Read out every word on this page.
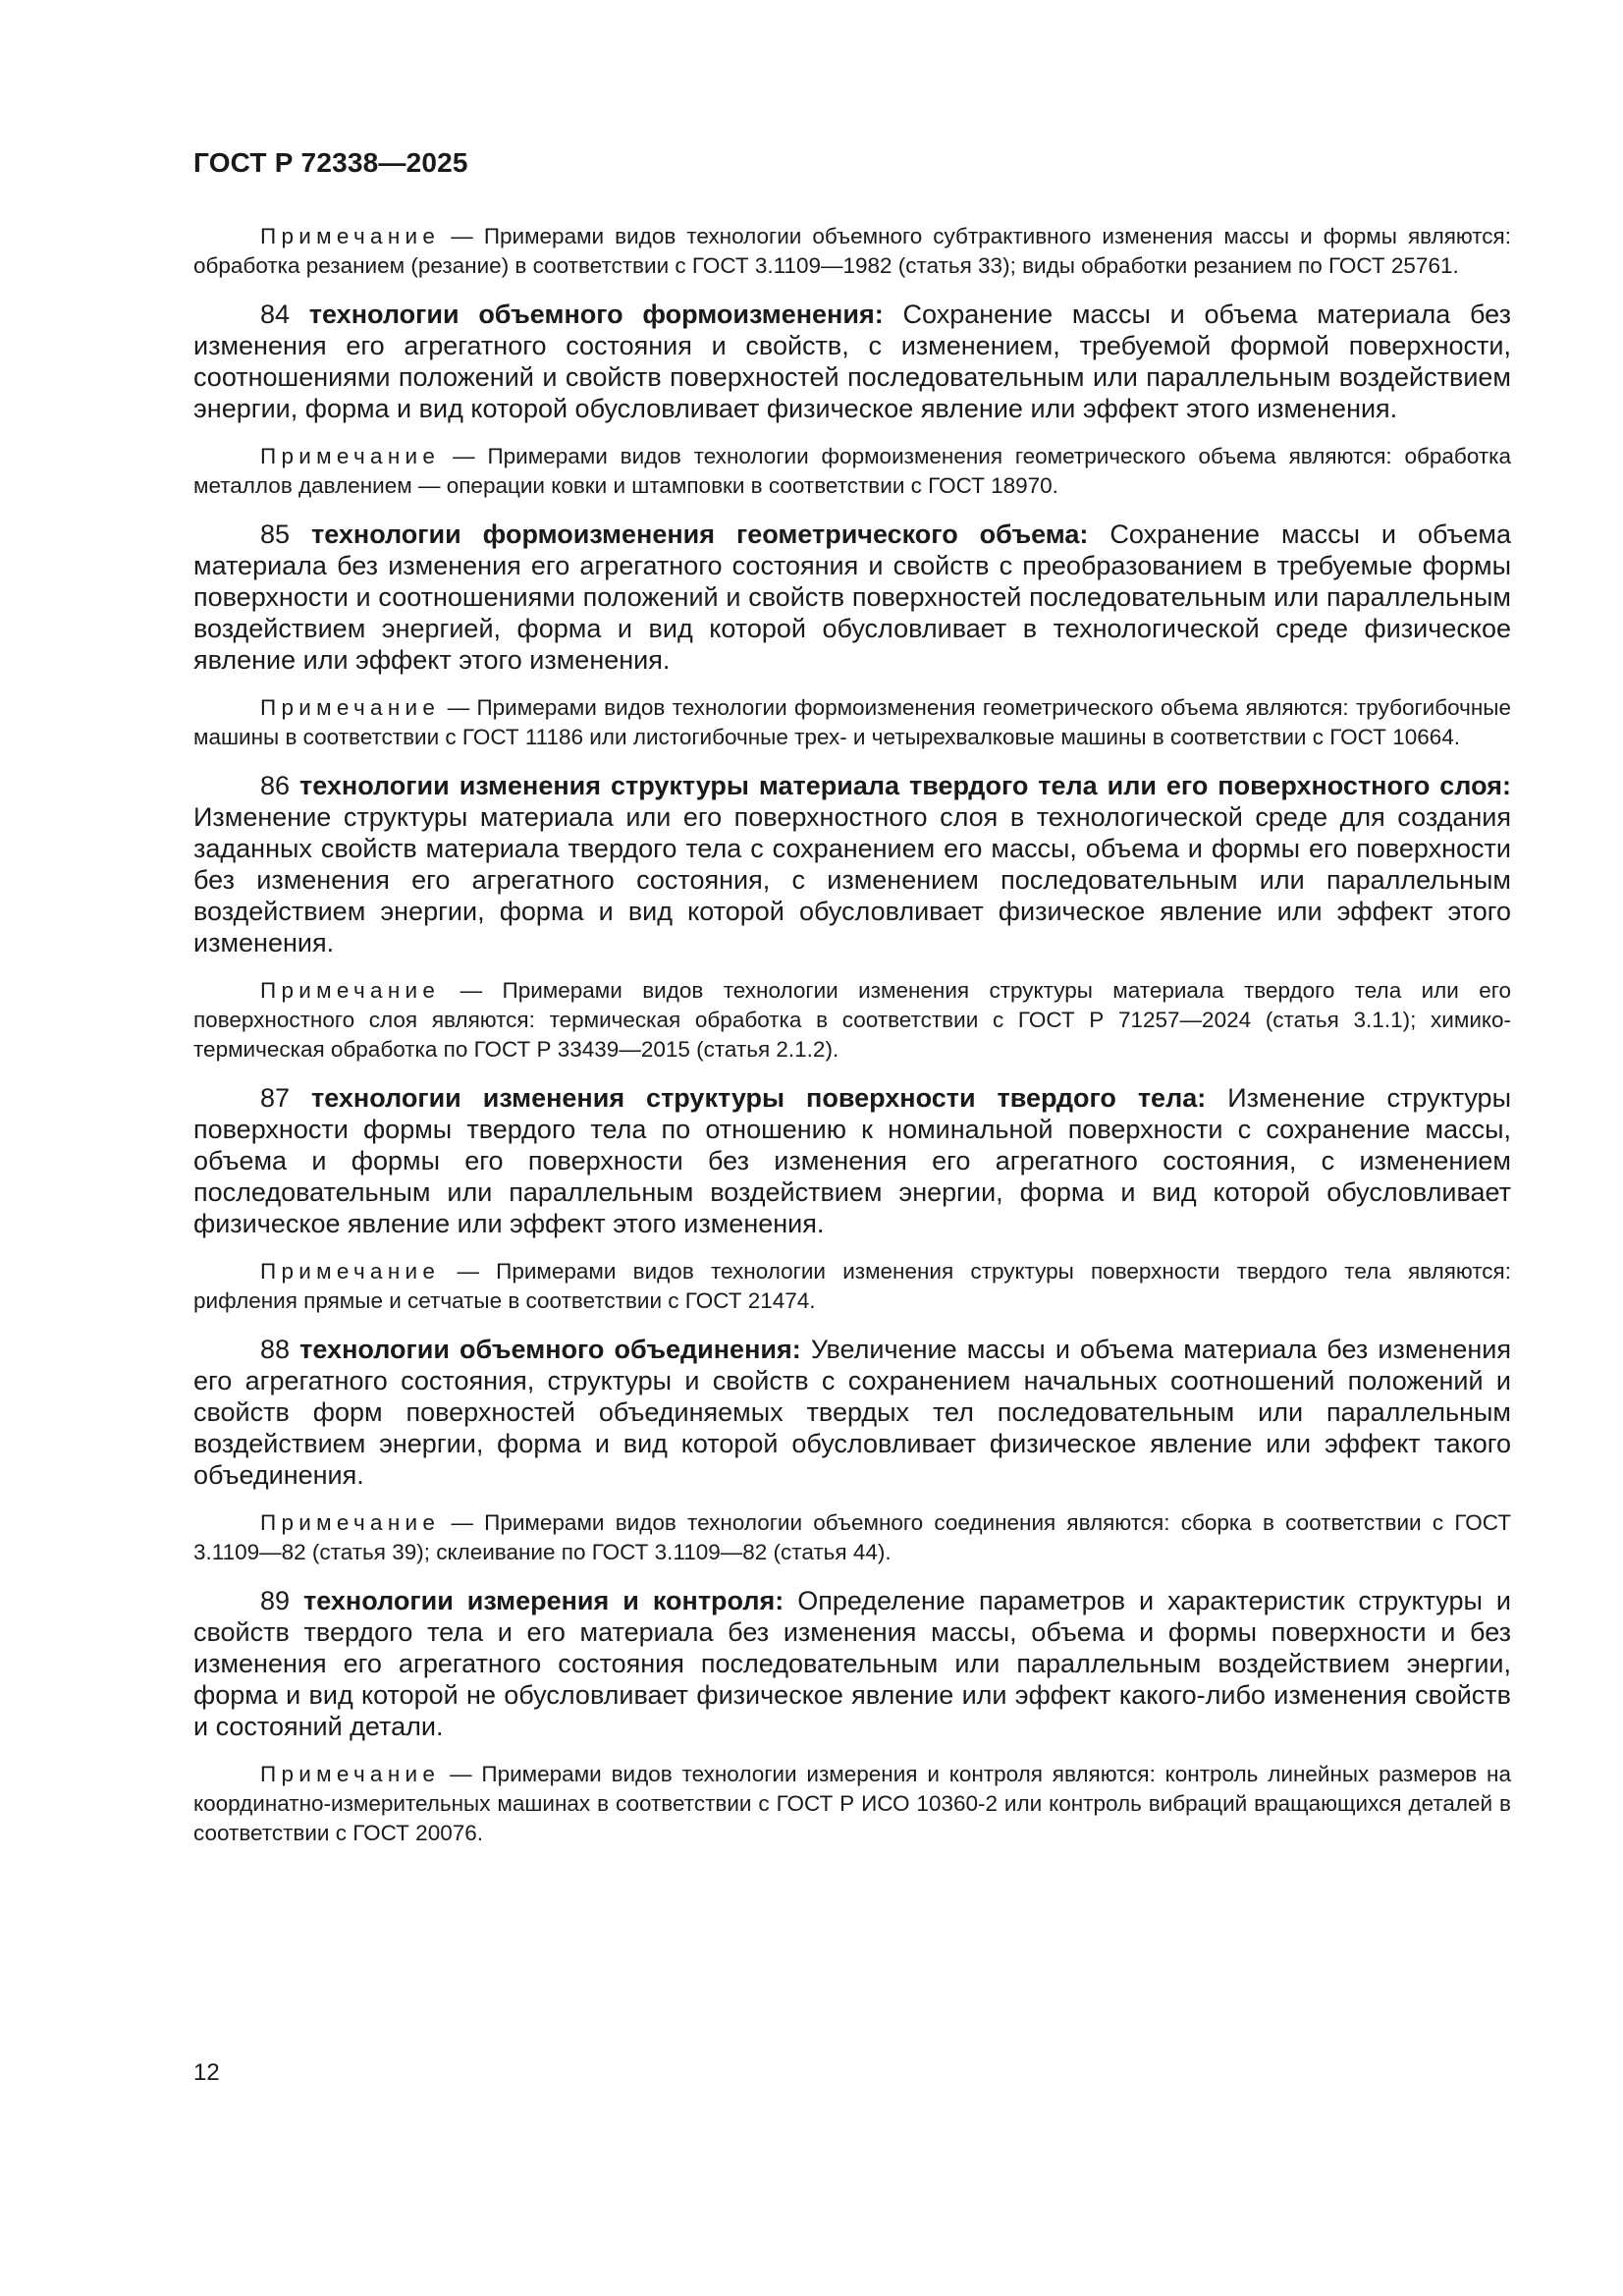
ГОСТ Р 72338—2025

Примечание — Примерами видов технологии объемного субтрактивного изменения массы и формы являются: обработка резанием (резание) в соответствии с ГОСТ 3.1109—1982 (статья 33); виды обработки резанием по ГОСТ 25761.

84 технологии объемного формоизменения: Сохранение массы и объема материала без изменения его агрегатного состояния и свойств, с изменением, требуемой формой поверхности, соотношениями положений и свойств поверхностей последовательным или параллельным воздействием энергии, форма и вид которой обусловливает физическое явление или эффект этого изменения.

Примечание — Примерами видов технологии формоизменения геометрического объема являются: обработка металлов давлением — операции ковки и штамповки в соответствии с ГОСТ 18970.

85 технологии формоизменения геометрического объема: Сохранение массы и объема материала без изменения его агрегатного состояния и свойств с преобразованием в требуемые формы поверхности и соотношениями положений и свойств поверхностей последовательным или параллельным воздействием энергией, форма и вид которой обусловливает в технологической среде физическое явление или эффект этого изменения.

Примечание — Примерами видов технологии формоизменения геометрического объема являются: трубогибочные машины в соответствии с ГОСТ 11186 или листогибочные трех- и четырехвалковые машины в соответствии с ГОСТ 10664.

86 технологии изменения структуры материала твердого тела или его поверхностного слоя: Изменение структуры материала или его поверхностного слоя в технологической среде для создания заданных свойств материала твердого тела с сохранением его массы, объема и формы его поверхности без изменения его агрегатного состояния, с изменением последовательным или параллельным воздействием энергии, форма и вид которой обусловливает физическое явление или эффект этого изменения.

Примечание — Примерами видов технологии изменения структуры материала твердого тела или его поверхностного слоя являются: термическая обработка в соответствии с ГОСТ Р 71257—2024 (статья 3.1.1); химико-термическая обработка по ГОСТ Р 33439—2015 (статья 2.1.2).

87 технологии изменения структуры поверхности твердого тела: Изменение структуры поверхности формы твердого тела по отношению к номинальной поверхности с сохранение массы, объема и формы его поверхности без изменения его агрегатного состояния, с изменением последовательным или параллельным воздействием энергии, форма и вид которой обусловливает физическое явление или эффект этого изменения.

Примечание — Примерами видов технологии изменения структуры поверхности твердого тела являются: рифления прямые и сетчатые в соответствии с ГОСТ 21474.

88 технологии объемного объединения: Увеличение массы и объема материала без изменения его агрегатного состояния, структуры и свойств с сохранением начальных соотношений положений и свойств форм поверхностей объединяемых твердых тел последовательным или параллельным воздействием энергии, форма и вид которой обусловливает физическое явление или эффект такого объединения.

Примечание — Примерами видов технологии объемного соединения являются: сборка в соответствии с ГОСТ 3.1109—82 (статья 39); склеивание по ГОСТ 3.1109—82 (статья 44).

89 технологии измерения и контроля: Определение параметров и характеристик структуры и свойств твердого тела и его материала без изменения массы, объема и формы поверхности и без изменения его агрегатного состояния последовательным или параллельным воздействием энергии, форма и вид которой не обусловливает физическое явление или эффект какого-либо изменения свойств и состояний детали.

Примечание — Примерами видов технологии измерения и контроля являются: контроль линейных размеров на координатно-измерительных машинах в соответствии с ГОСТ Р ИСО 10360-2 или контроль вибраций вращающихся деталей в соответствии с ГОСТ 20076.

12
